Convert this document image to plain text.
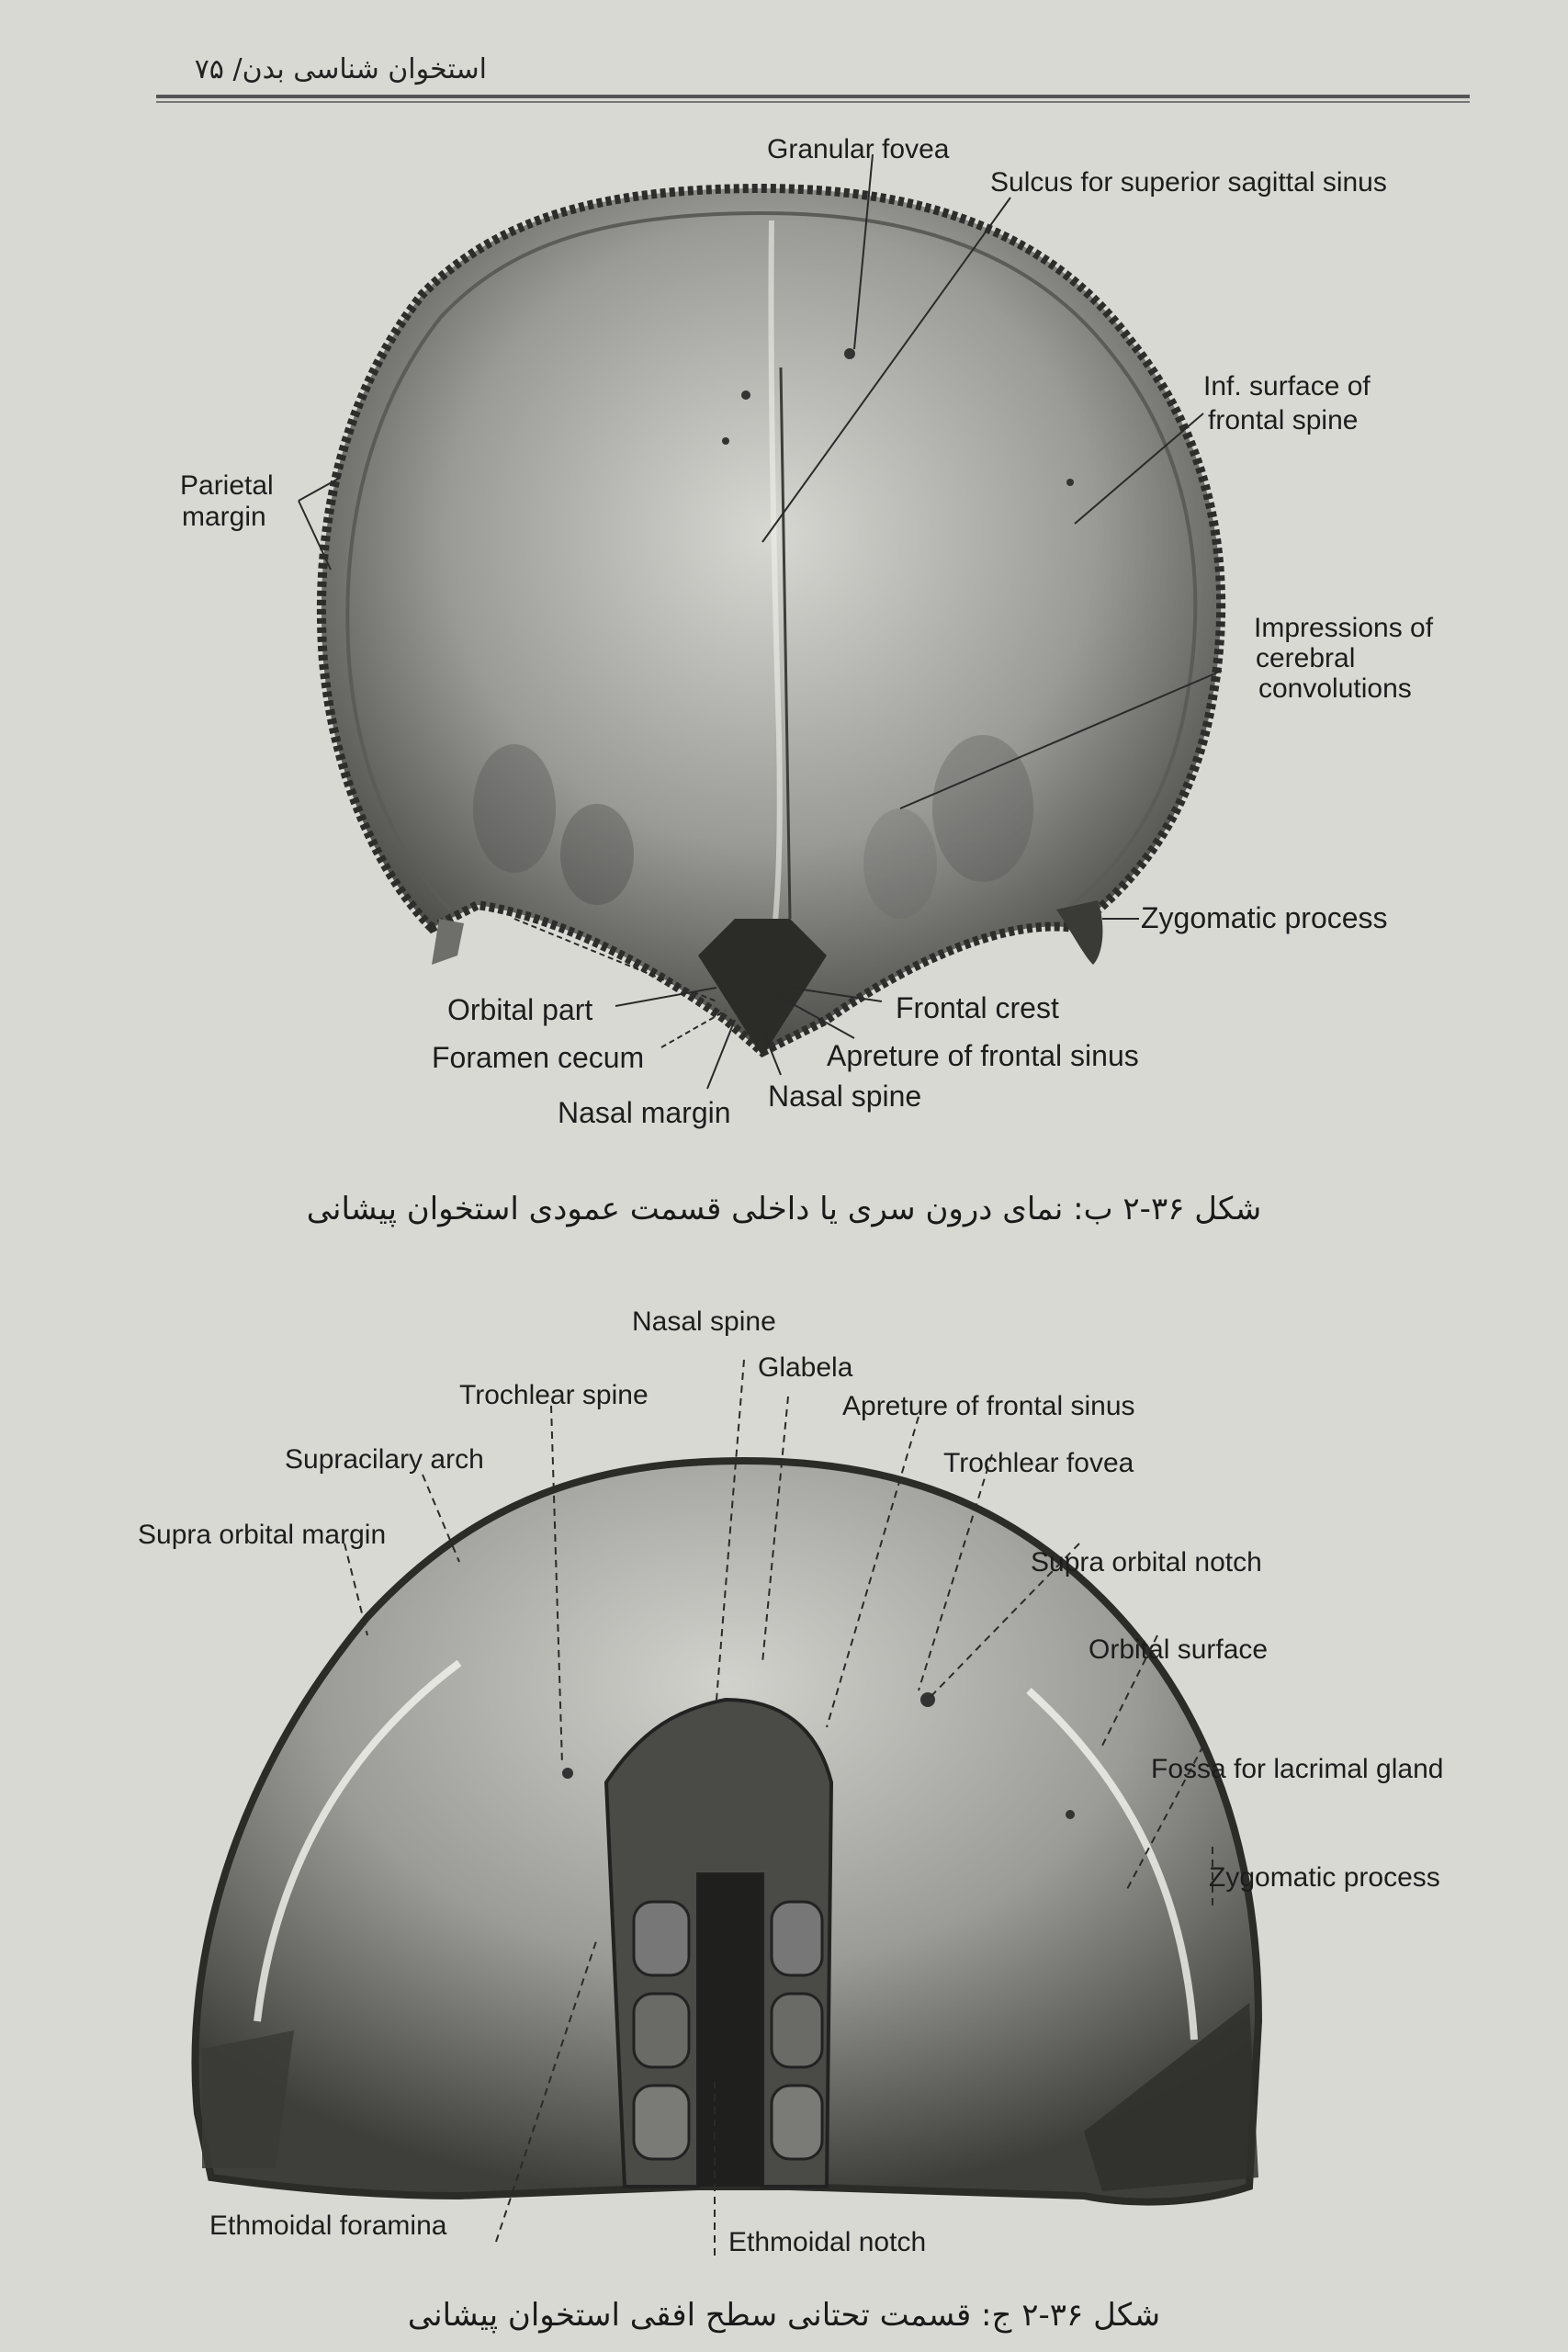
استخوان شناسی بدن/ ۷۵
Granular fovea
Sulcus for superior sagittal sinus
Inf. surface of
frontal spine
Parietal
margin
Impressions of
cerebral
convolutions
Zygomatic process
Orbital part	Frontal crest
Foramen cecum	Apreture of frontal sinus
Nasal spine
Nasal margin
شکل ۳۶-۲ ب: نمای درون سری یا داخلی قسمت عمودی استخوان پیشانی
Nasal spine
Glabela
Trochlear spine	Apreture of frontal sinus
Supracilary arch	Trochlear fovea
Supra orbital margin
Supra orbital notch
Orbital surface
Fossa for lacrimal gland
Zygomatic process
Ethmoidal foramina
Ethmoidal notch
شکل ۳۶-۲ ج: قسمت تحتانی سطح افقی استخوان پیشانی
